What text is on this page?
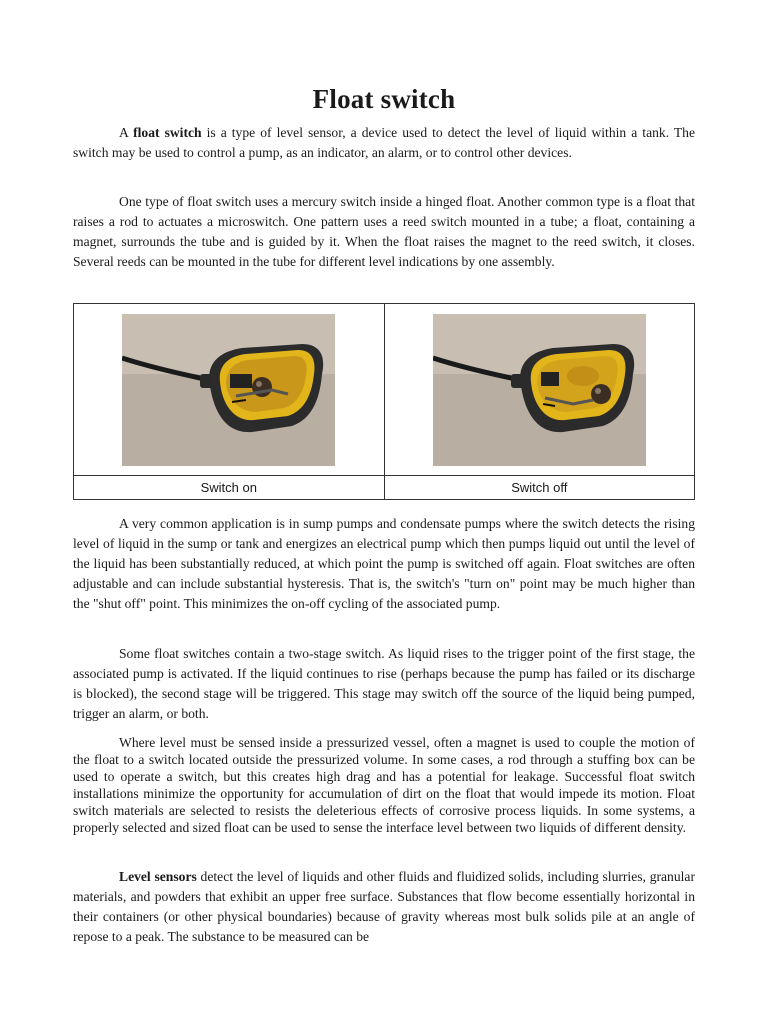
Float switch

A float switch is a type of level sensor, a device used to detect the level of liquid within a tank. The switch may be used to control a pump, as an indicator, an alarm, or to control other devices.

One type of float switch uses a mercury switch inside a hinged float. Another common type is a float that raises a rod to actuates a microswitch. One pattern uses a reed switch mounted in a tube; a float, containing a magnet, surrounds the tube and is guided by it. When the float raises the magnet to the reed switch, it closes. Several reeds can be mounted in the tube for different level indications by one assembly.

Switch on	Switch off

A very common application is in sump pumps and condensate pumps where the switch detects the rising level of liquid in the sump or tank and energizes an electrical pump which then pumps liquid out until the level of the liquid has been substantially reduced, at which point the pump is switched off again. Float switches are often adjustable and can include substantial hysteresis. That is, the switch's "turn on" point may be much higher than the "shut off" point. This minimizes the on-off cycling of the associated pump.

Some float switches contain a two-stage switch. As liquid rises to the trigger point of the first stage, the associated pump is activated. If the liquid continues to rise (perhaps because the pump has failed or its discharge is blocked), the second stage will be triggered. This stage may switch off the source of the liquid being pumped, trigger an alarm, or both.

Where level must be sensed inside a pressurized vessel, often a magnet is used to couple the motion of the float to a switch located outside the pressurized volume. In some cases, a rod through a stuffing box can be used to operate a switch, but this creates high drag and has a potential for leakage. Successful float switch installations minimize the opportunity for accumulation of dirt on the float that would impede its motion. Float switch materials are selected to resists the deleterious effects of corrosive process liquids. In some systems, a properly selected and sized float can be used to sense the interface level between two liquids of different density.

Level sensors detect the level of liquids and other fluids and fluidized solids, including slurries, granular materials, and powders that exhibit an upper free surface. Substances that flow become essentially horizontal in their containers (or other physical boundaries) because of gravity whereas most bulk solids pile at an angle of repose to a peak. The substance to be measured can be
